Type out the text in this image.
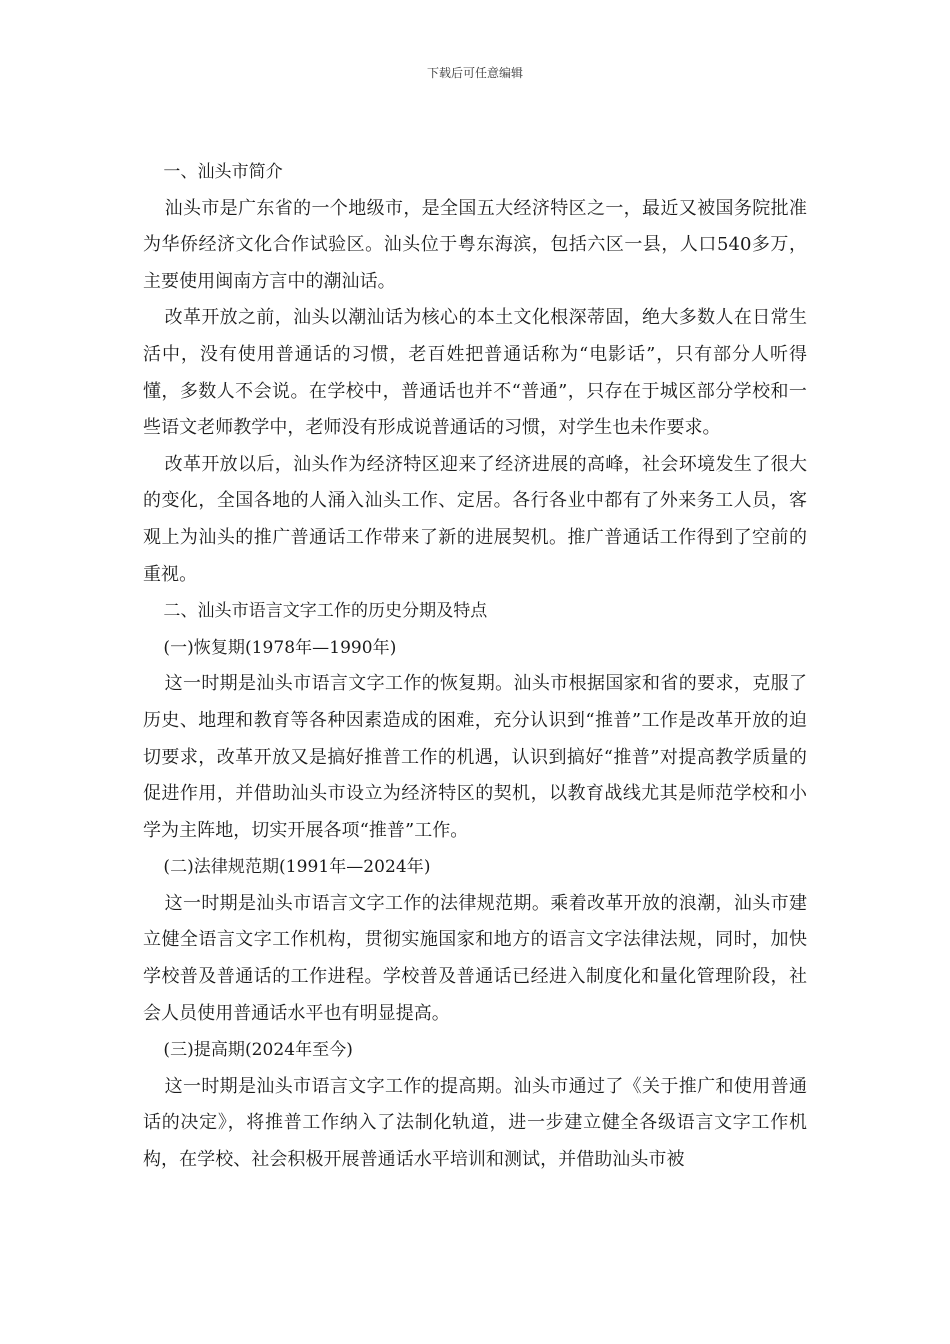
下载后可任意编辑

一、汕头市简介

汕头市是广东省的一个地级市，是全国五大经济特区之一，最近又被国务院批准为华侨经济文化合作试验区。汕头位于粤东海滨，包括六区一县，人口540多万，主要使用闽南方言中的潮汕话。

改革开放之前，汕头以潮汕话为核心的本土文化根深蒂固，绝大多数人在日常生活中，没有使用普通话的习惯，老百姓把普通话称为“电影话”，只有部分人听得懂，多数人不会说。在学校中，普通话也并不“普通”，只存在于城区部分学校和一些语文老师教学中，老师没有形成说普通话的习惯，对学生也未作要求。

改革开放以后，汕头作为经济特区迎来了经济进展的高峰，社会环境发生了很大的变化，全国各地的人涌入汕头工作、定居。各行各业中都有了外来务工人员，客观上为汕头的推广普通话工作带来了新的进展契机。推广普通话工作得到了空前的重视。

二、汕头市语言文字工作的历史分期及特点

(一)恢复期(1978年—1990年)

这一时期是汕头市语言文字工作的恢复期。汕头市根据国家和省的要求，克服了历史、地理和教育等各种因素造成的困难，充分认识到“推普”工作是改革开放的迫切要求，改革开放又是搞好推普工作的机遇，认识到搞好“推普”对提高教学质量的促进作用，并借助汕头市设立为经济特区的契机，以教育战线尤其是师范学校和小学为主阵地，切实开展各项“推普”工作。

(二)法律规范期(1991年—2024年)

这一时期是汕头市语言文字工作的法律规范期。乘着改革开放的浪潮，汕头市建立健全语言文字工作机构，贯彻实施国家和地方的语言文字法律法规，同时，加快学校普及普通话的工作进程。学校普及普通话已经进入制度化和量化管理阶段，社会人员使用普通话水平也有明显提高。

(三)提高期(2024年至今)

这一时期是汕头市语言文字工作的提高期。汕头市通过了《关于推广和使用普通话的决定》，将推普工作纳入了法制化轨道，进一步建立健全各级语言文字工作机构，在学校、社会积极开展普通话水平培训和测试，并借助汕头市被
